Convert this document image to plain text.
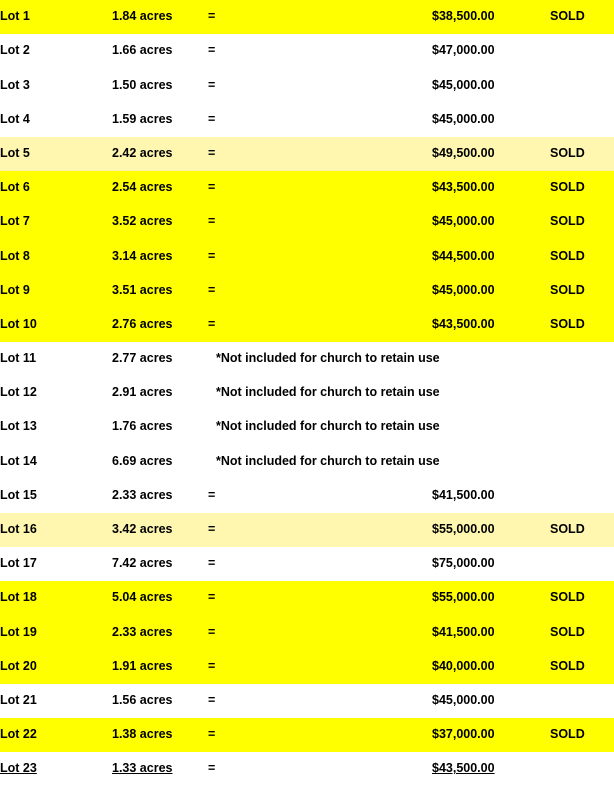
Lot 1	1.84 acres	=		$38,500.00	SOLD
Lot 2	1.66 acres	=		$47,000.00	
Lot 3	1.50 acres	=		$45,000.00	
Lot 4	1.59 acres	=		$45,000.00	
Lot 5	2.42 acres	=		$49,500.00	SOLD
Lot 6	2.54 acres	=		$43,500.00	SOLD
Lot 7	3.52 acres	=		$45,000.00	SOLD
Lot 8	3.14 acres	=		$44,500.00	SOLD
Lot 9	3.51 acres	=		$45,000.00	SOLD
Lot 10	2.76 acres	=		$43,500.00	SOLD
Lot 11	2.77 acres		*Not included for church to retain use		
Lot 12	2.91 acres		*Not included for church to retain use		
Lot 13	1.76 acres		*Not included for church to retain use		
Lot 14	6.69 acres		*Not included for church to retain use		
Lot 15	2.33 acres	=		$41,500.00	
Lot 16	3.42 acres	=		$55,000.00	SOLD
Lot 17	7.42 acres	=		$75,000.00	
Lot 18	5.04 acres	=		$55,000.00	SOLD
Lot 19	2.33 acres	=		$41,500.00	SOLD
Lot 20	1.91 acres	=		$40,000.00	SOLD
Lot 21	1.56 acres	=		$45,000.00	
Lot 22	1.38 acres	=		$37,000.00	SOLD
Lot 23	1.33 acres	=		$43,500.00	
